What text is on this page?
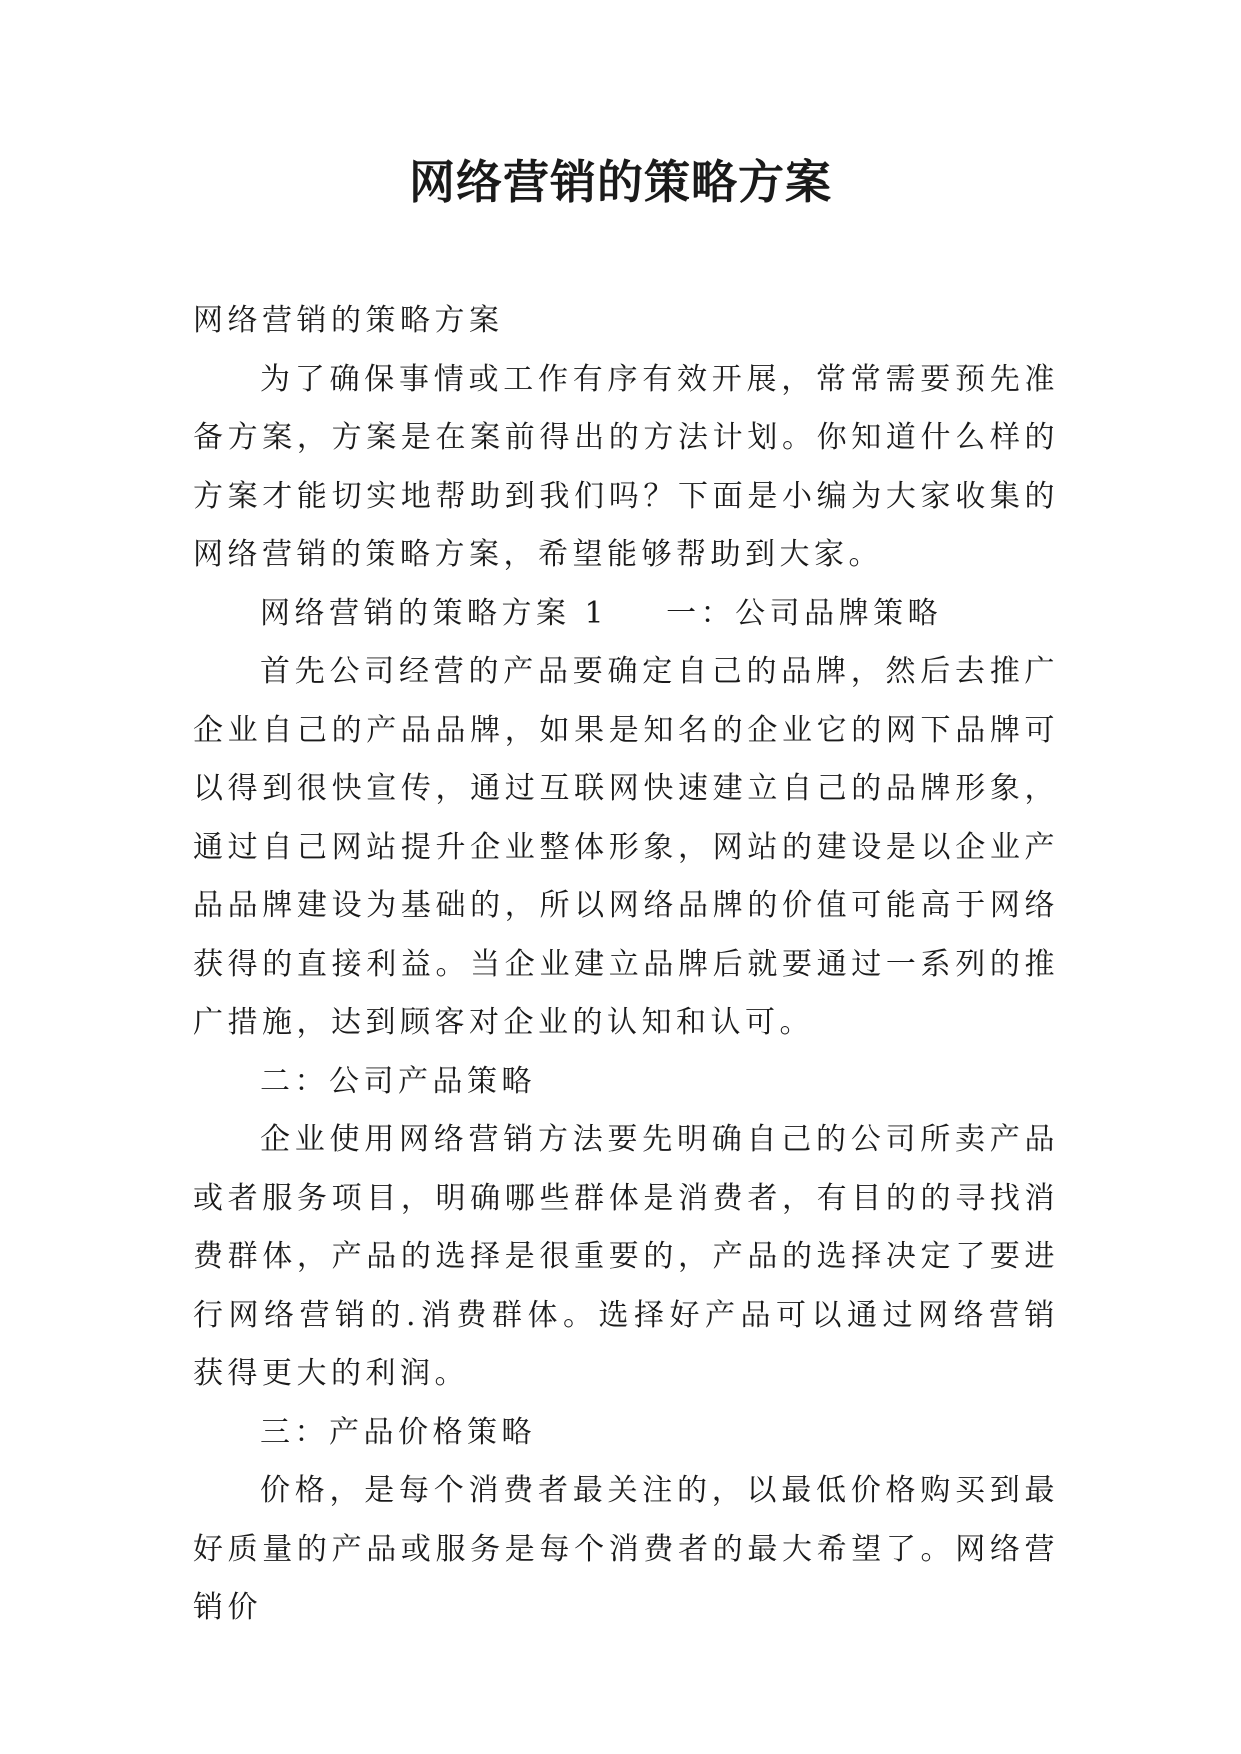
网络营销的策略方案

网络营销的策略方案

为了确保事情或工作有序有效开展，常常需要预先准备方案，方案是在案前得出的方法计划。你知道什么样的方案才能切实地帮助到我们吗？下面是小编为大家收集的网络营销的策略方案，希望能够帮助到大家。

网络营销的策略方案 1 一：公司品牌策略

首先公司经营的产品要确定自己的品牌，然后去推广企业自己的产品品牌，如果是知名的企业它的网下品牌可以得到很快宣传，通过互联网快速建立自己的品牌形象，通过自己网站提升企业整体形象，网站的建设是以企业产品品牌建设为基础的，所以网络品牌的价值可能高于网络获得的直接利益。当企业建立品牌后就要通过一系列的推广措施，达到顾客对企业的认知和认可。

二：公司产品策略

企业使用网络营销方法要先明确自己的公司所卖产品或者服务项目，明确哪些群体是消费者，有目的的寻找消费群体，产品的选择是很重要的，产品的选择决定了要进行网络营销的.消费群体。选择好产品可以通过网络营销获得更大的利润。

三：产品价格策略

价格，是每个消费者最关注的，以最低价格购买到最好质量的产品或服务是每个消费者的最大希望了。网络营销价
